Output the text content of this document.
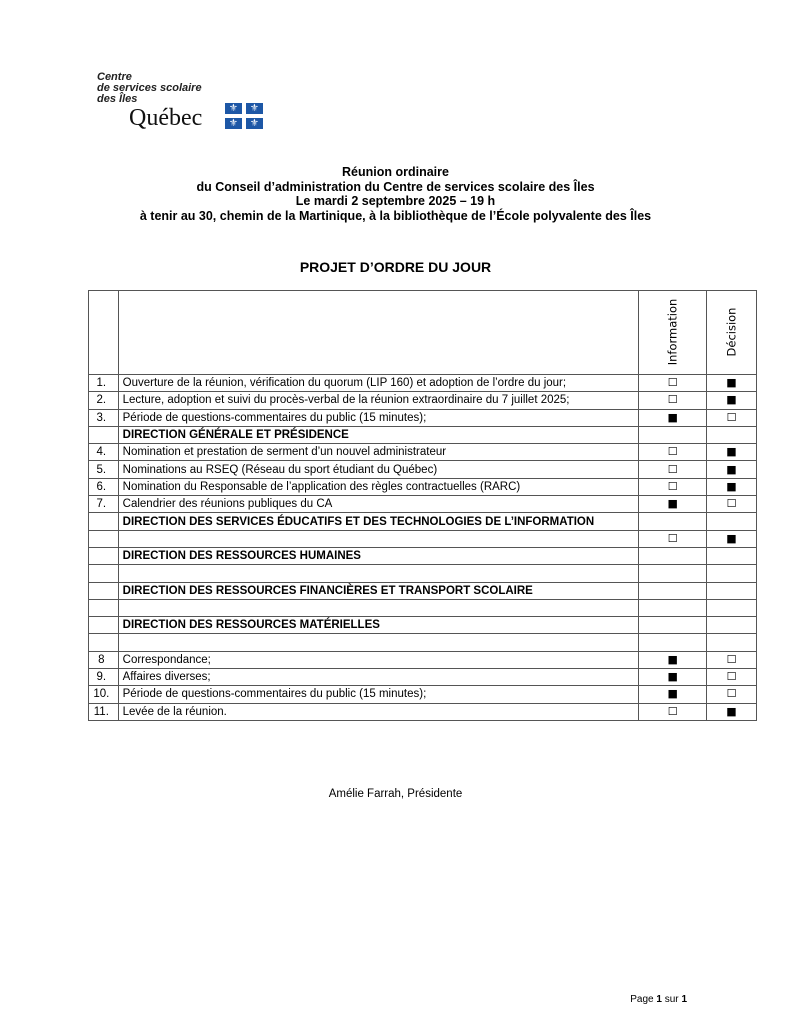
Centre
de services scolaire
des Îles
Québec	⚜	⚜
⚜	⚜
Réunion ordinaire
du Conseil d’administration du Centre de services scolaire des Îles
Le mardi 2 septembre 2025 – 19 h
à tenir au 30, chemin de la Martinique, à la bibliothèque de l’École polyvalente des Îles
PROJET D’ORDRE DU JOUR
		Information	Décision
1.	Ouverture de la réunion, vérification du quorum (LIP 160) et adoption de l’ordre du jour;	☐	■
2.	Lecture, adoption et suivi du procès-verbal de la réunion extraordinaire du 7 juillet 2025;	☐	■
3.	Période de questions-commentaires du public (15 minutes);	■	☐
	DIRECTION GÉNÉRALE ET PRÉSIDENCE		
4.	Nomination et prestation de serment d’un nouvel administrateur	☐	■
5.	Nominations au RSEQ (Réseau du sport étudiant du Québec)	☐	■
6.	Nomination du Responsable de l’application des règles contractuelles (RARC)	☐	■
7.	Calendrier des réunions publiques du CA	■	☐
	DIRECTION DES SERVICES ÉDUCATIFS ET DES TECHNOLOGIES DE L’INFORMATION		
		☐	■
	DIRECTION DES RESSOURCES HUMAINES		

	DIRECTION DES RESSOURCES FINANCIÈRES ET TRANSPORT SCOLAIRE		

	DIRECTION DES RESSOURCES MATÉRIELLES		

8	Correspondance;	■	☐
9.	Affaires diverses;	■	☐
10.	Période de questions-commentaires du public (15 minutes);	■	☐
11.	Levée de la réunion.	☐	■
Amélie Farrah, Présidente
Page 1 sur 1
